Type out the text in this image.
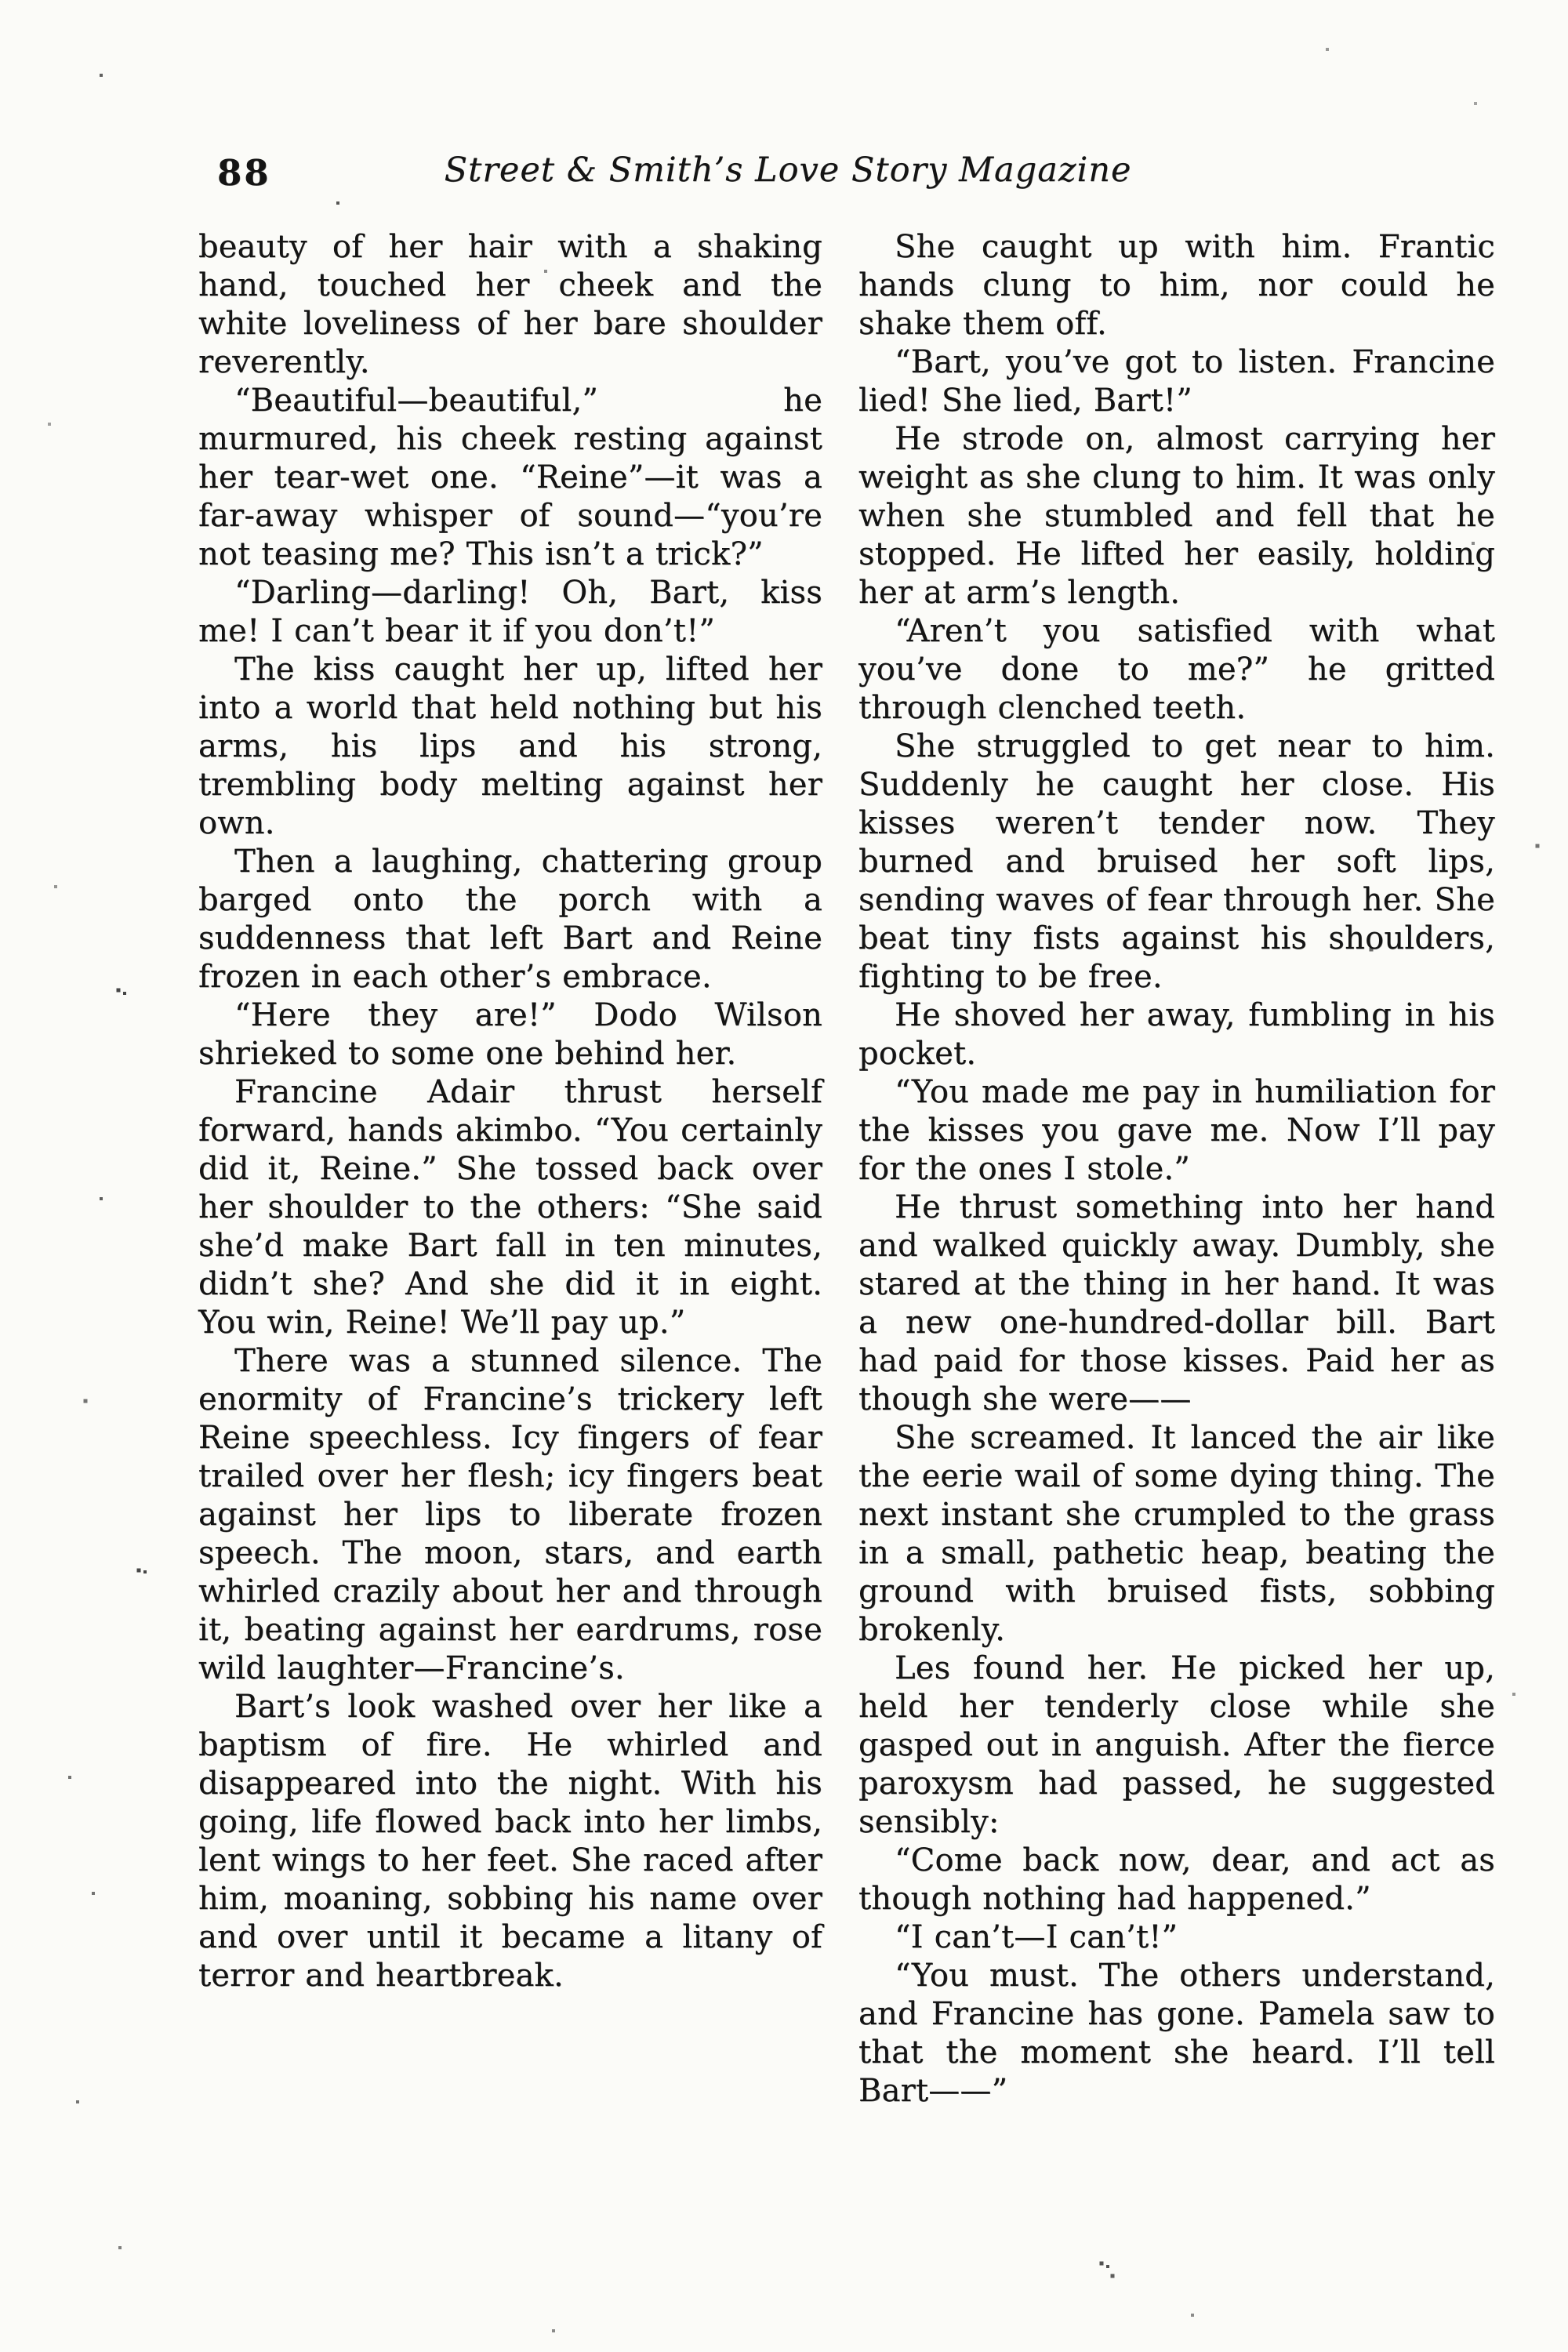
88	Street & Smith’s Love Story Magazine

beauty of her hair with a shaking hand, touched her cheek and the white loveliness of her bare shoulder reverently.

“Beautiful—beautiful,” he murmured, his cheek resting against her tear-wet one. “Reine”—it was a far-away whisper of sound—“you’re not teasing me? This isn’t a trick?”

“Darling—darling! Oh, Bart, kiss me! I can’t bear it if you don’t!”

The kiss caught her up, lifted her into a world that held nothing but his arms, his lips and his strong, trembling body melting against her own.

Then a laughing, chattering group barged onto the porch with a suddenness that left Bart and Reine frozen in each other’s embrace.

“Here they are!” Dodo Wilson shrieked to some one behind her.

Francine Adair thrust herself forward, hands akimbo. “You certainly did it, Reine.” She tossed back over her shoulder to the others: “She said she’d make Bart fall in ten minutes, didn’t she? And she did it in eight. You win, Reine! We’ll pay up.”

There was a stunned silence. The enormity of Francine’s trickery left Reine speechless. Icy fingers of fear trailed over her flesh; icy fingers beat against her lips to liberate frozen speech. The moon, stars, and earth whirled crazily about her and through it, beating against her eardrums, rose wild laughter—Francine’s.

Bart’s look washed over her like a baptism of fire. He whirled and disappeared into the night. With his going, life flowed back into her limbs, lent wings to her feet. She raced after him, moaning, sobbing his name over and over until it became a litany of terror and heartbreak.

She caught up with him. Frantic hands clung to him, nor could he shake them off.

“Bart, you’ve got to listen. Francine lied! She lied, Bart!”

He strode on, almost carrying her weight as she clung to him. It was only when she stumbled and fell that he stopped. He lifted her easily, holding her at arm’s length.

“Aren’t you satisfied with what you’ve done to me?” he gritted through clenched teeth.

She struggled to get near to him. Suddenly he caught her close. His kisses weren’t tender now. They burned and bruised her soft lips, sending waves of fear through her. She beat tiny fists against his shoulders, fighting to be free.

He shoved her away, fumbling in his pocket.

“You made me pay in humiliation for the kisses you gave me. Now I’ll pay for the ones I stole.”

He thrust something into her hand and walked quickly away. Dumbly, she stared at the thing in her hand. It was a new one-hundred-dollar bill. Bart had paid for those kisses. Paid her as though she were——

She screamed. It lanced the air like the eerie wail of some dying thing. The next instant she crumpled to the grass in a small, pathetic heap, beating the ground with bruised fists, sobbing brokenly.

Les found her. He picked her up, held her tenderly close while she gasped out in anguish. After the fierce paroxysm had passed, he suggested sensibly:

“Come back now, dear, and act as though nothing had happened.”

“I can’t—I can’t!”

“You must. The others understand, and Francine has gone. Pamela saw to that the moment she heard. I’ll tell Bart——”
